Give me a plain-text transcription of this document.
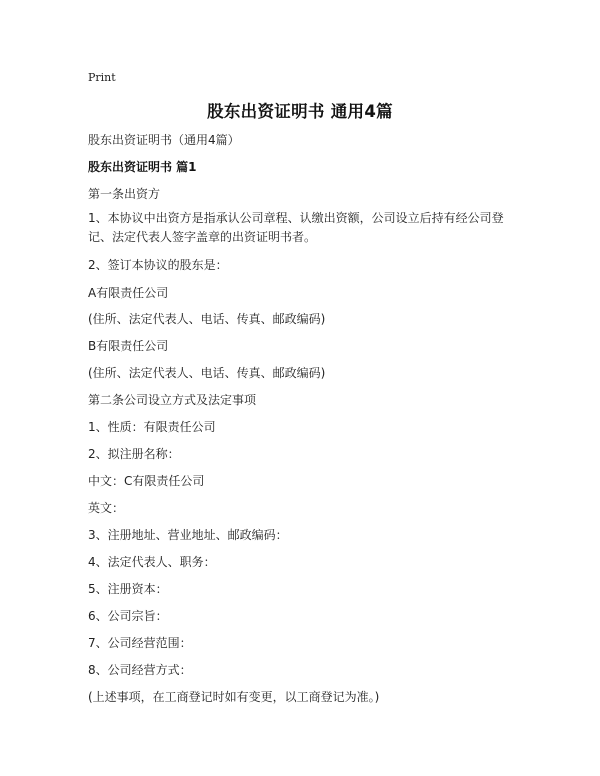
Print
股东出资证明书 通用4篇
股东出资证明书（通用4篇）
股东出资证明书 篇1
第一条出资方
1、本协议中出资方是指承认公司章程、认缴出资额，公司设立后持有经公司登记、法定代表人签字盖章的出资证明书者。
2、签订本协议的股东是：
A有限责任公司
(住所、法定代表人、电话、传真、邮政编码)
B有限责任公司
(住所、法定代表人、电话、传真、邮政编码)
第二条公司设立方式及法定事项
1、性质：有限责任公司
2、拟注册名称：
中文：C有限责任公司
英文：
3、注册地址、营业地址、邮政编码：
4、法定代表人、职务：
5、注册资本：
6、公司宗旨：
7、公司经营范围：
8、公司经营方式：
(上述事项，在工商登记时如有变更，以工商登记为准。)
